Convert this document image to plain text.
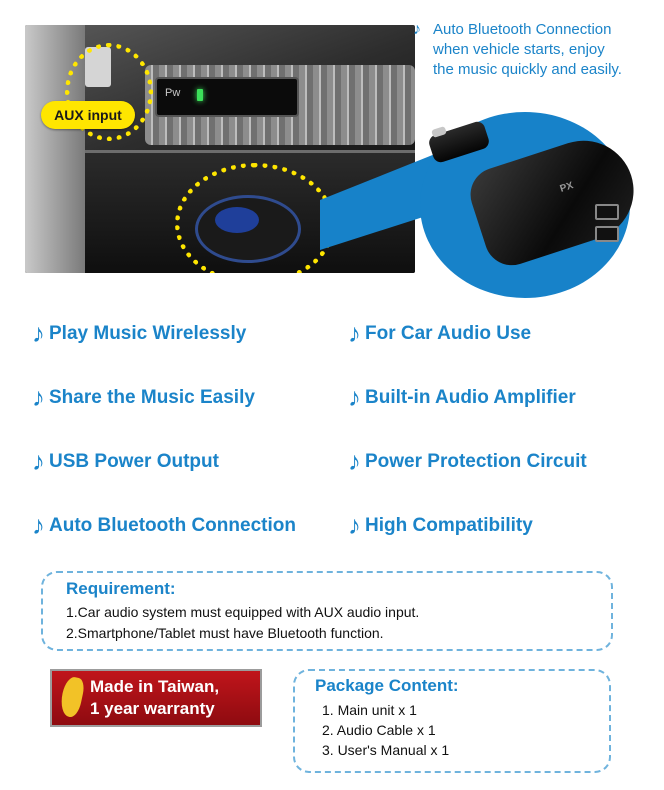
Pw
AUX input
PX
♪ Auto Bluetooth Connection
when vehicle starts, enjoy
the music quickly and easily.
♪ Play Music Wirelessly	♪ For Car Audio Use
♪ Share the Music Easily	♪ Built-in Audio Amplifier
♪ USB Power Output	♪ Power Protection Circuit
♪ Auto Bluetooth Connection ♪ High Compatibility
Requirement:
1.Car audio system must equipped with AUX audio input.
2.Smartphone/Tablet must have Bluetooth function.
Made in Taiwan,
1 year warranty
Package Content:
1. Main unit x 1
2. Audio Cable x 1
3. User's Manual x 1
